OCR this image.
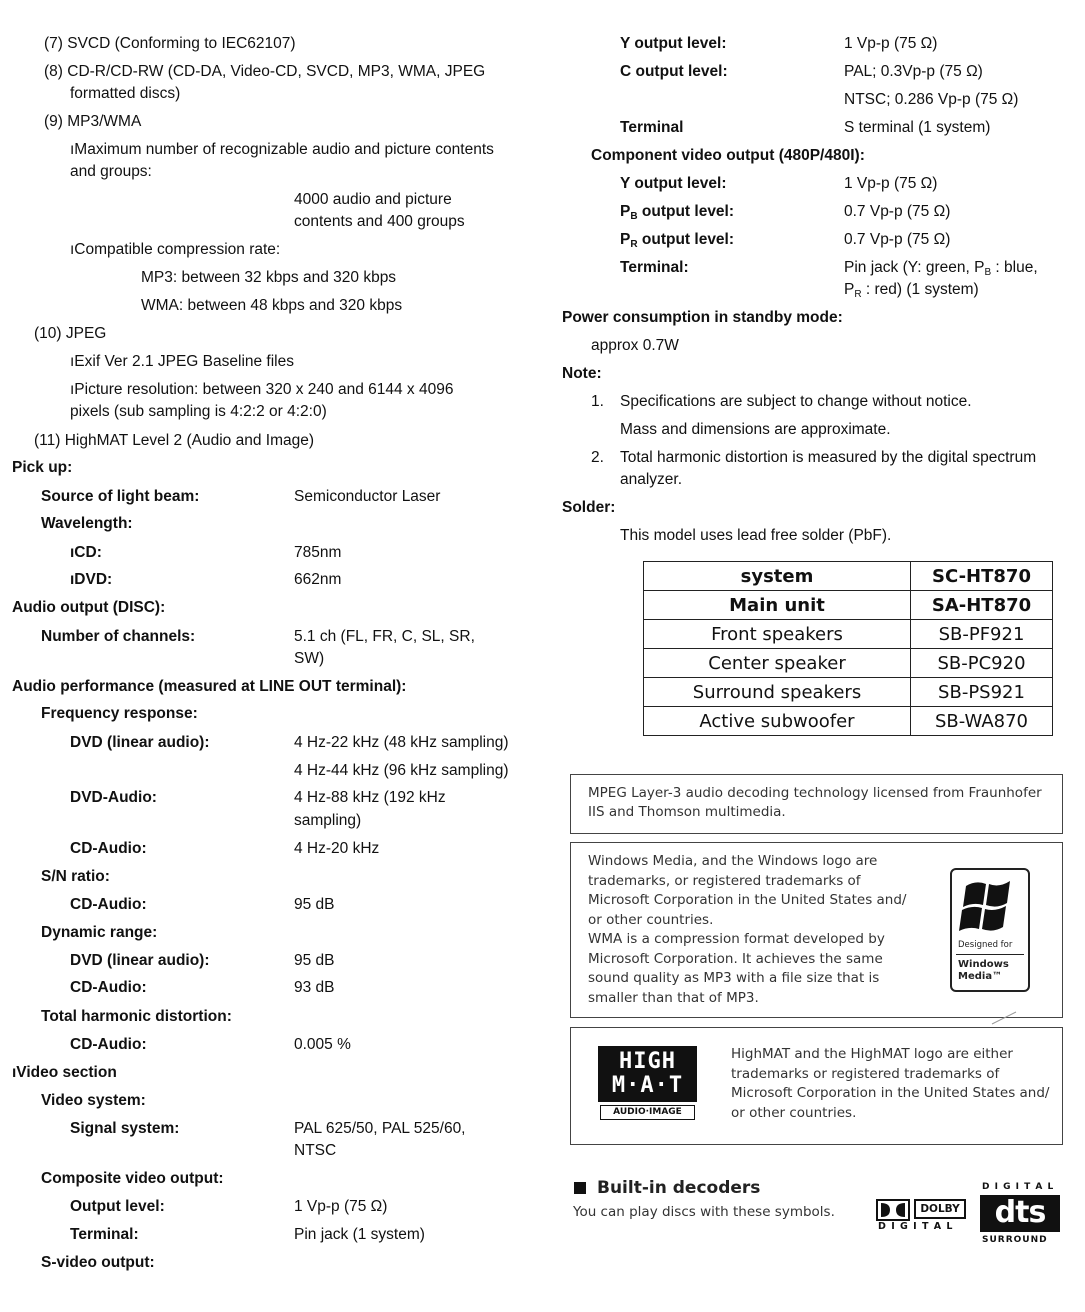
(7) SVCD (Conforming to IEC62107)
(8) CD-R/CD-RW (CD-DA, Video-CD, SVCD, MP3, WMA, JPEG
formatted discs)
(9) MP3/WMA
ıMaximum number of recognizable audio and picture contents
and groups:
4000 audio and picture
contents and 400 groups
ıCompatible compression rate:
MP3: between 32 kbps and 320 kbps
WMA: between 48 kbps and 320 kbps
(10) JPEG
ıExif Ver 2.1 JPEG Baseline files
ıPicture resolution: between 320 x 240 and 6144 x 4096
pixels (sub sampling is 4:2:2 or 4:2:0)
(11) HighMAT Level 2 (Audio and Image)
Pick up:
Source of light beam:	Semiconductor Laser
Wavelength:
ıCD:	785nm
ıDVD:	662nm
Audio output (DISC):
Number of channels:	5.1 ch (FL, FR, C, SL, SR,
SW)
Audio performance (measured at LINE OUT terminal):
Frequency response:
DVD (linear audio):	4 Hz-22 kHz (48 kHz sampling)
4 Hz-44 kHz (96 kHz sampling)
DVD-Audio:	4 Hz-88 kHz (192 kHz
sampling)
CD-Audio:	4 Hz-20 kHz
S/N ratio:
CD-Audio:	95 dB
Dynamic range:
DVD (linear audio):	95 dB
CD-Audio:	93 dB
Total harmonic distortion:
CD-Audio:	0.005 %
ıVideo section
Video system:
Signal system:	PAL 625/50, PAL 525/60,
NTSC
Composite video output:
Output level:	1 Vp-p (75 Ω)
Terminal:	Pin jack (1 system)
S-video output:
Y output level:	1 Vp-p (75 Ω)
C output level:	PAL; 0.3Vp-p (75 Ω)
NTSC; 0.286 Vp-p (75 Ω)
Terminal	S terminal (1 system)
Component video output (480P/480I):
Y output level:	1 Vp-p (75 Ω)
$P_B$ output level:	0.7 Vp-p (75 Ω)
$P_R$ output level:	0.7 Vp-p (75 Ω)
Terminal:	Pin jack (Y: green, $P_B$ : blue,
$P_R$ : red) (1 system)
Power consumption in standby mode:
approx 0.7W
Note:
1. Specifications are subject to change without notice.
Mass and dimensions are approximate.
2. Total harmonic distortion is measured by the digital spectrum
analyzer.
Solder:
This model uses lead free solder (PbF).
system	SC-HT870
Main unit	SA-HT870
Front speakers	SB-PF921
Center speaker	SB-PC920
Surround speakers	SB-PS921
Active subwoofer	SB-WA870
MPEG Layer-3 audio decoding technology licensed from Fraunhofer
IIS and Thomson multimedia.
Windows Media, and the Windows logo are
trademarks, or registered trademarks of
Microsoft Corporation in the United States and/
or other countries.
WMA is a compression format developed by
Microsoft Corporation. It achieves the same
sound quality as MP3 with a file size that is
smaller than that of MP3.
Designed for
Windows
Media™
HighMAT and the HighMAT logo are either
trademarks or registered trademarks of
Microsoft Corporation in the United States and/
or other countries.
HIGH
M·A·T
AUDIO·IMAGE
Built-in decoders
You can play discs with these symbols.	DOLBY
D I G I T A L
D I G I T A L
dts
SURROUND
